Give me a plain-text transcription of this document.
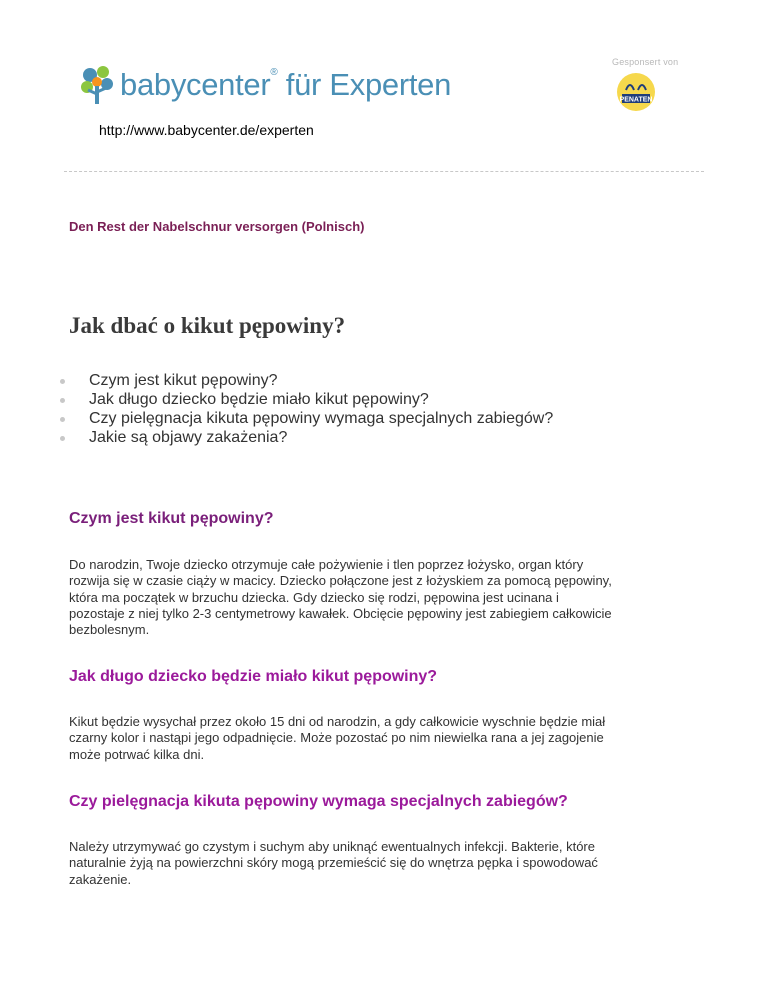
babycenter® für Experten
http://www.babycenter.de/experten
Gesponsert von
PENATEN
Den Rest der Nabelschnur versorgen (Polnisch)
Jak dbać o kikut pępowiny?
Czym jest kikut pępowiny?
Jak długo dziecko będzie miało kikut pępowiny?
Czy pielęgnacja kikuta pępowiny wymaga specjalnych zabiegów?
Jakie są objawy zakażenia?
Czym jest kikut pępowiny?

Do narodzin, Twoje dziecko otrzymuje całe pożywienie i tlen poprzez łożysko, organ który
rozwija się w czasie ciąży w macicy. Dziecko połączone jest z łożyskiem za pomocą pępowiny,
która ma początek w brzuchu dziecka. Gdy dziecko się rodzi, pępowina jest ucinana i
pozostaje z niej tylko 2-3 centymetrowy kawałek. Obcięcie pępowiny jest zabiegiem całkowicie
bezbolesnym.

Jak długo dziecko będzie miało kikut pępowiny?

Kikut będzie wysychał przez około 15 dni od narodzin, a gdy całkowicie wyschnie będzie miał
czarny kolor i nastąpi jego odpadnięcie. Może pozostać po nim niewielka rana a jej zagojenie
może potrwać kilka dni.

Czy pielęgnacja kikuta pępowiny wymaga specjalnych zabiegów?

Należy utrzymywać go czystym i suchym aby uniknąć ewentualnych infekcji. Bakterie, które
naturalnie żyją na powierzchni skóry mogą przemieścić się do wnętrza pępka i spowodować
zakażenie.
